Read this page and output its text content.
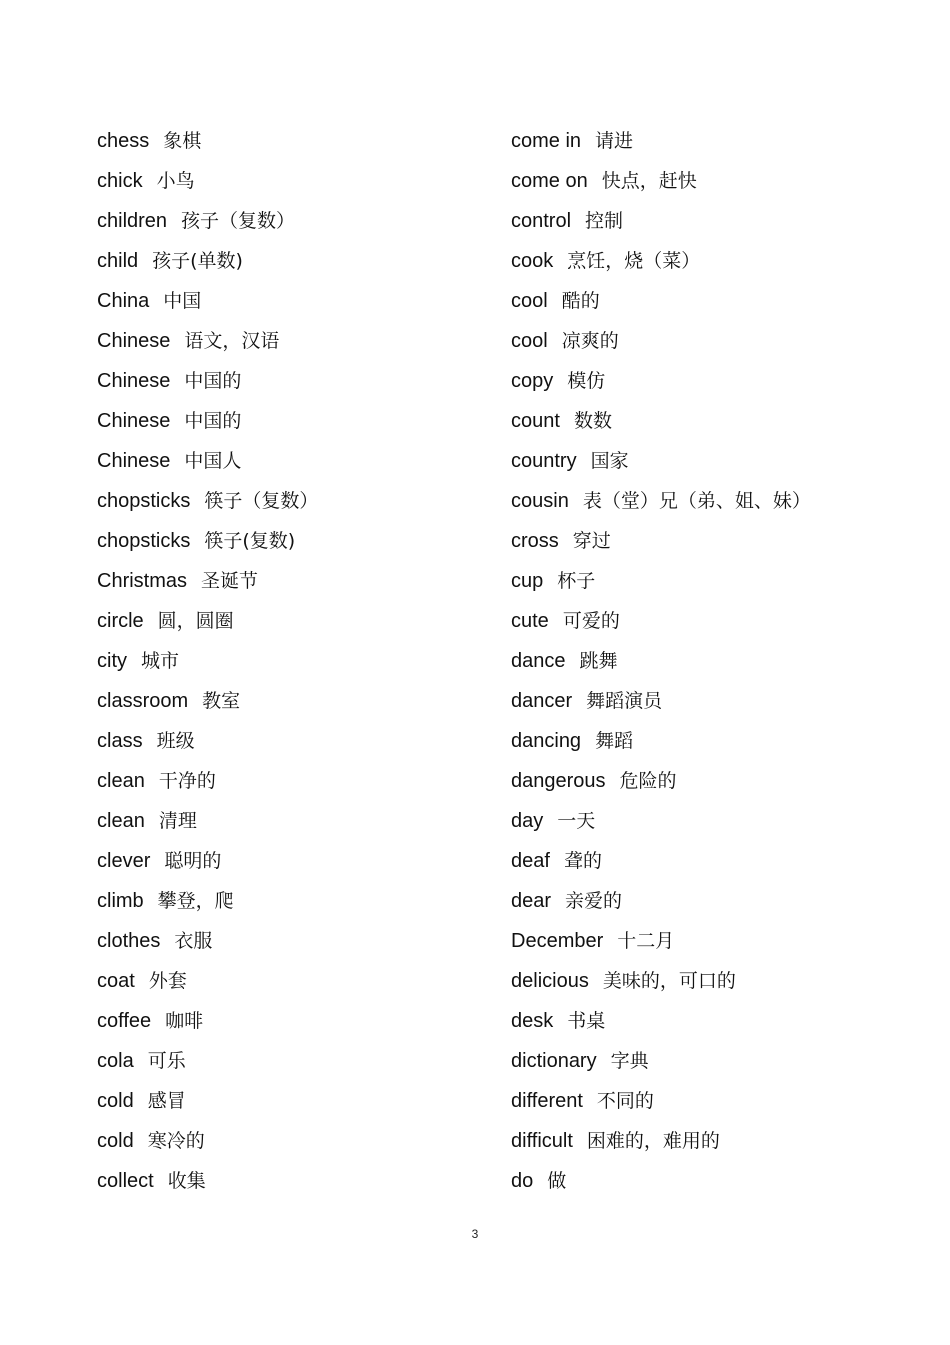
chess 象棋
chick 小鸟
children 孩子（复数）
child 孩子(单数)
China 中国
Chinese 语文，汉语
Chinese 中国的
Chinese 中国的
Chinese 中国人
chopsticks 筷子（复数）
chopsticks 筷子(复数)
Christmas 圣诞节
circle 圆，圆圈
city 城市
classroom 教室
class 班级
clean 干净的
clean 清理
clever 聪明的
climb 攀登，爬
clothes 衣服
coat 外套
coffee 咖啡
cola 可乐
cold 感冒
cold 寒冷的
collect 收集
come in 请进
come on 快点，赶快
control 控制
cook 烹饪，烧（菜）
cool 酷的
cool 凉爽的
copy 模仿
count 数数
country 国家
cousin 表（堂）兄（弟、姐、妹）
cross 穿过
cup 杯子
cute 可爱的
dance 跳舞
dancer 舞蹈演员
dancing 舞蹈
dangerous 危险的
day 一天
deaf 聋的
dear 亲爱的
December 十二月
delicious 美味的，可口的
desk 书桌
dictionary 字典
different 不同的
difficult 困难的，难用的
do 做
3
